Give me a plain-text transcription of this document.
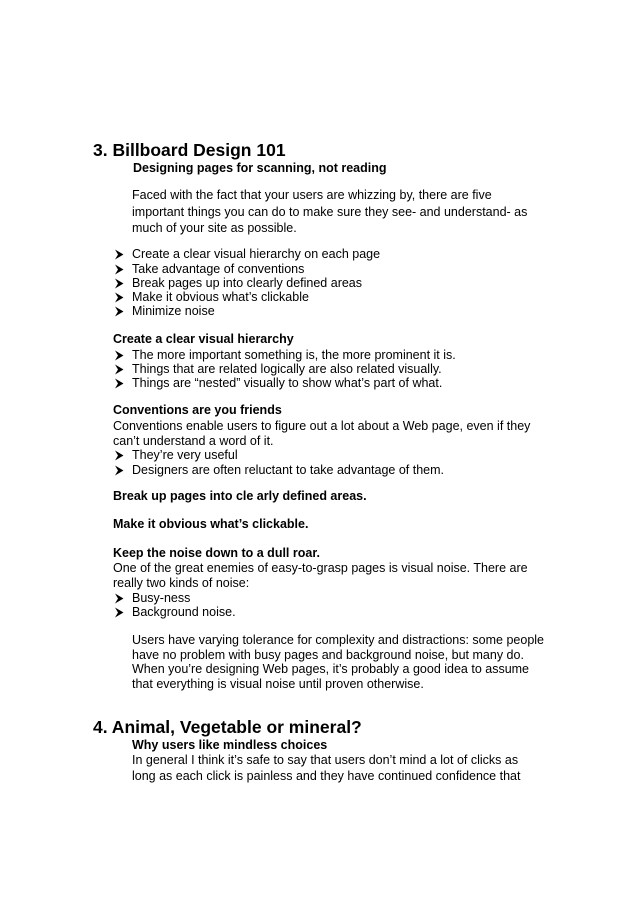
3. Billboard Design 101
Designing pages for scanning, not reading
Faced with the fact that your users are whizzing by, there are five
important things you can do to make sure they see- and understand- as
much of your site as possible.
Create a clear visual hierarchy on each page
Take advantage of conventions
Break pages up into clearly defined areas
Make it obvious what’s clickable
Minimize noise
Create a clear visual hierarchy
The more important something is, the more prominent it is.
Things that are related logically are also related visually.
Things are “nested” visually to show what’s part of what.
Conventions are you friends
Conventions enable users to figure out a lot about a Web page, even if they
can’t understand a word of it.
They’re very useful
Designers are often reluctant to take advantage of them.
Break up pages into cle arly defined areas.
Make it obvious what’s clickable.
Keep the noise down to a dull roar.
One of the great enemies of easy-to-grasp pages is visual noise. There are
really two kinds of noise:
Busy-ness
Background noise.
Users have varying tolerance for complexity and distractions: some people
have no problem with busy pages and background noise, but many do.
When you’re designing Web pages, it’s probably a good idea to assume
that everything is visual noise until proven otherwise.
4. Animal, Vegetable or mineral?
Why users like mindless choices
In general I think it’s safe to say that users don’t mind a lot of clicks as
long as each click is painless and they have continued confidence that
